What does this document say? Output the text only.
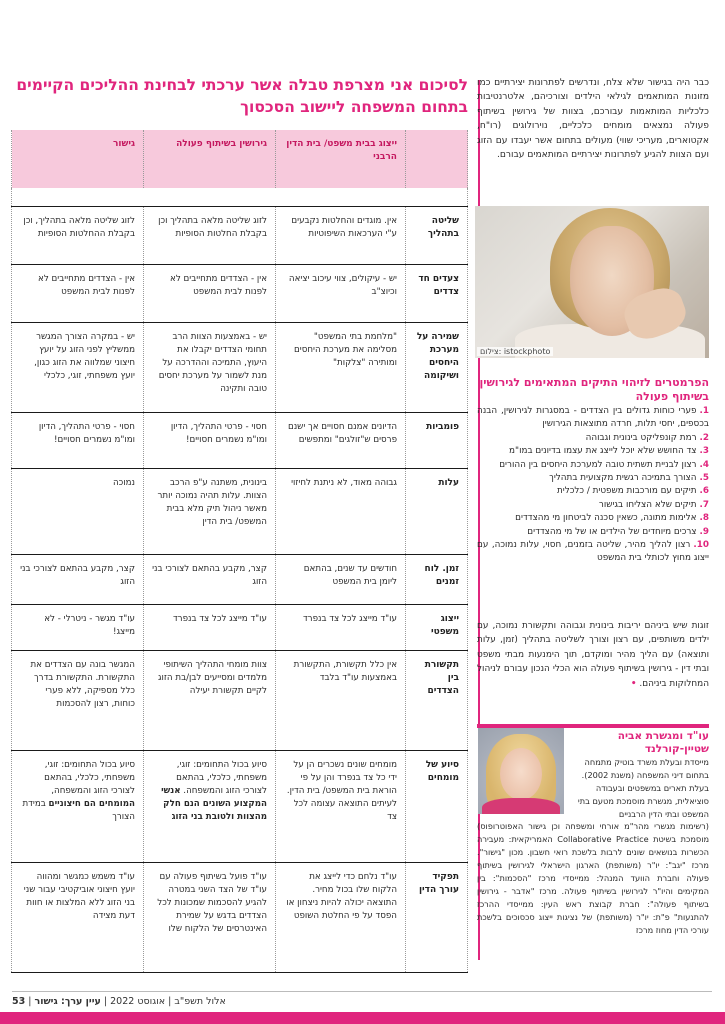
כבר היה בגישור שלא צלח, ונדרשים לפתרונות יצירתיים כמו מזונות המותאמים לגילאי הילדים וצורכיהם, אלטרנטיבות כלכליות המותאמות עבורכם, בצוות של גירושין בשיתוף פעולה נמצאים מומחים כלכליים, נוירולוגים (רו"ח, אקטוארים, מעריכי שווי) מעולים בתחום אשר יעבדו עם הזוג ועם הצוות להגיע לפתרונות יצירתיים המותאמים עבורם.

צילום: istockphoto
הפרמטרים לזיהוי התיקים המתאימים לגירושין בשיתוף פעולה
1.פערי כוחות גדולים בין הצדדים - במסגרות לגירושין, הבנה בכספים, יחסי תלות, חרדה מתוצאות הגירושין
2.רמת קונפליקט בינונית וגבוהה
3.צד החושש שלא יוכל לייצג את עצמו בדיונים במו"מ
4.רצון לבניית תשתית טובה למערכת היחסים בין ההורים
5.הצורך בתמיכה רגשית מקצועית בתהליך
6.תיקים עם מורכבות משפטית / כלכלית
7.תיקים שלא הצליחו בגישור
8.אלימות מתונה, כשאין סכנה לביטחון מי מהצדדים
9.צרכים מיוחדים של הילדים או של מי מהצדדים
10.רצון להליך מהיר, שליטה בזמנים, חסוי, עלות נמוכה, עם ייצוג מחוץ לכותלי בית המשפט

זוגות שיש ביניהם יריבות בינונית וגבוהה ותקשורת נמוכה, עם ילדים משותפים, עם רצון וצורך לשליטה בתהליך (זמן, עלות ותוצאה) עם הליך מהיר ומוקדם, תוך הימנעות מבתי משפט ובתי דין - גירושין בשיתוף פעולה הוא הכלי הנכון עבורם לניהול המחלוקות ביניהם. •

עו"ד ומגשרת אביה שטיין-קורלנד

מייסדת ובעלת משרד בוטיק מתמחה בתחום דיני המשפחה (משנת 2002). בעלת תארים במשפטים ובעבודה סוציאלית, מגשרת מוסמכת מטעם בתי המשפט ובתי הדין הרבניים

(רשימות מגשרי מהר"מ אורחי ומשפחה וכן גישור האפוטרופוס) מוסמכת בשיטת Collaborative Practice האמריקאית: מעבירה הכשרות בנושאים שונים לרבות בלשכת רואי חשבון. מכון "גישור". מרכז "יגב": יו"ר (משותפת) הארגון הישראלי לגירושין בשיתוף פעולה וחברת הוועד המנהל: ממייסדי מרכז "הסכמות": בין המקימים והיו"ר לגירושין בשיתוף פעולה. מרכז "אדבר - גירושין בשיתוף פעולה": חברת קבוצת ראש העין: ממייסדי ההרכז להתנעות" פ"ת: יו"ר (משותפת) של נציגות ייצוג סכסוכים בלשכת עורכי הדין מחוז מרכז

לסיכום אני מצרפת טבלה אשר ערכתי לבחינת ההליכים הקיימים בתחום המשפחה ליישוב הסכסוך
	ייצוג בבית משפט/ בית הדין הרבני	גירושין בשיתוף פעולה	גישור

שליטה בתהליך	אין. מוגדים והחלטות נקבעים ע"י הערכאות השיפוטיות	לזוג שליטה מלאה בתהליך וכן בקבלת החלטות הסופיות	לזוג שליטה מלאה בתהליך, וכן בקבלת ההחלטות הסופיות
צעדים חד צדדים	יש - עיקולים, צווי עיכוב יציאה וכיוצ"ב	אין - הצדדים מתחייבים לא לפנות לבית המשפט	אין - הצדדים מתחייבים לא לפנות לבית המשפט
שמירה על מערכת היחסים ושיקומה	"מלחמת בתי המשפט" מסלימה את מערכת היחסים ומותירה "צלקות"	יש - באמצעות הצוות הרב תחומי הצדדים יקבלו את היעוץ, התמיכה וההדרכה על מנת לשמור על מערכת יחסים טובה ותקינה	יש - במקרה הצורך המגשר ממשליץ לפני הזוג על יועץ חיצוני שמלווה את הזוג כגון, יועץ משפחתי, זוגי, כלכלי
פומביות	הדיונים אמנם חסויים אך ישנם פרסים ש"זולגים" ומתפשים	חסוי - פרטי התהליך, הדיון ומו"מ נשמרים חסויים!	חסוי - פרטי התהליך, הדיון ומו"מ נשמרים חסויים!
עלות	גבוהה מאוד, לא ניתנת לחיזוי	בינונית, משתנה ע"פ הרכב הצוות. עלות תהיה נמוכה יותר מאשר ניהול תיק מלא בבית המשפט/ בית הדין	נמוכה
זמן. לוח זמנים	חודשים עד שנים, בהתאם ליומן בית המשפט	קצר, מקבע בהתאם לצורכי בני הזוג	קצר, מקבע בהתאם לצורכי בני הזוג
ייצוג משפטי	עו"ד מייצג לכל צד בנפרד	עו"ד מייצג לכל צד בנפרד	עו"ד מגשר - ניטרלי - לא מייצג!
תקשורת בין הצדדים	אין כלל תקשורת, התקשורת באמצעות עו"ד בלבד	צוות מומחי התהליך השיתופי מלמדים ומסייעים לבן/בת הזוג לקיים תקשורת יעילה	המגשר בונה עם הצדדים את התקשורת. התקשורת בדרך כלל מספיקה, ללא פערי כוחות, רצון להסכמות
סיוע של מומחים	מומחים שונים נשכרים הן על ידי כל צד בנפרד והן על פי הוראת בית המשפט/ בית הדין. לעיתים התוצאה עצומה לכל צד	סיוע בכול התחומים: זוגי, משפחתי, כלכלי, בהתאם לצורכי הזוג והמשפחה. אנשי המקצוע השונים הנם חלק מהצוות ולטובת בני הזוג	סיוע בכול התחומים: זוגי, משפחתי, כלכלי, בהתאם לצורכי הזוג והמשפחה, המומחים הם חיצוניים במידת הצורך
תפקיד עורך הדין	עו"ד נלחם כדי לייצג את הלקוח שלו בכול מחיר. התוצאה יכולה להיות ניצחון או הפסד על פי החלטת השופט	עו"ד פועל בשיתוף פעולה עם עו"ד של הצד השני במטרה להגיע להסכמות שמכונות לכל הצדדים בדגש על שמירת האינטרסים של הלקוח שלו	עו"ד משמש כמגשר ומהווה יועץ חיצוני אוביקטיבי עבור שני בני הזוג ללא המלצות או חוות דעת מצידה
אלול תשפ"ב | אוגוסט 2022 | עיין ערך: גישור | 53
